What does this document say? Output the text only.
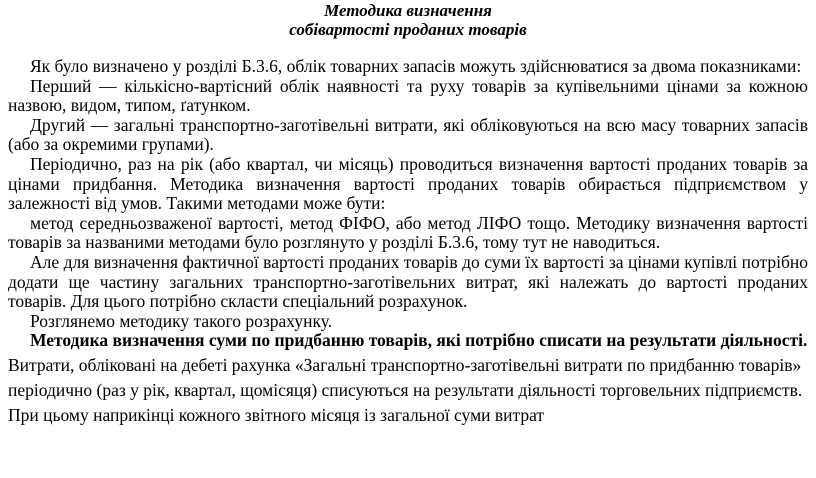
Методика визначення
собівартості проданих товарів

Як було визначено у розділі Б.3.6, облік товарних запасів можуть здійснюватися за двома показниками:

Перший — кількісно-вартісний облік наявності та руху товарів за купівельними цінами за кожною назвою, видом, типом, ґатунком.

Другий — загальні транспортно-заготівельні витрати, які обліковуються на всю масу товарних запасів (або за окремими групами).

Періодично, раз на рік (або квартал, чи місяць) проводиться визначення вартості проданих товарів за цінами придбання. Методика визначення вартості проданих товарів обирається підприємством у залежності від умов. Такими методами може бути:

метод середньозваженої вартості, метод ФІФО, або метод ЛІФО тощо. Методику визначення вартості товарів за названими методами було розглянуто у розділі Б.3.6, тому тут не наводиться.

Але для визначення фактичної вартості проданих товарів до суми їх вартості за цінами купівлі потрібно додати ще частину загальних транспортно-заготівельних витрат, які належать до вартості проданих товарів. Для цього потрібно скласти спеціальний розрахунок.

Розглянемо методику такого розрахунку.

Методика визначення суми по придбанню товарів, які потрібно списати на результати діяльності.

Витрати, обліковані на дебеті рахунка «Загальні транспортно-заготівельні витрати по придбанню товарів» періодично (раз у рік, квартал, щомісяця) списуються на результати діяльності торговельних підприємств. При цьому наприкінці кожного звітного місяця із загальної суми витрат
